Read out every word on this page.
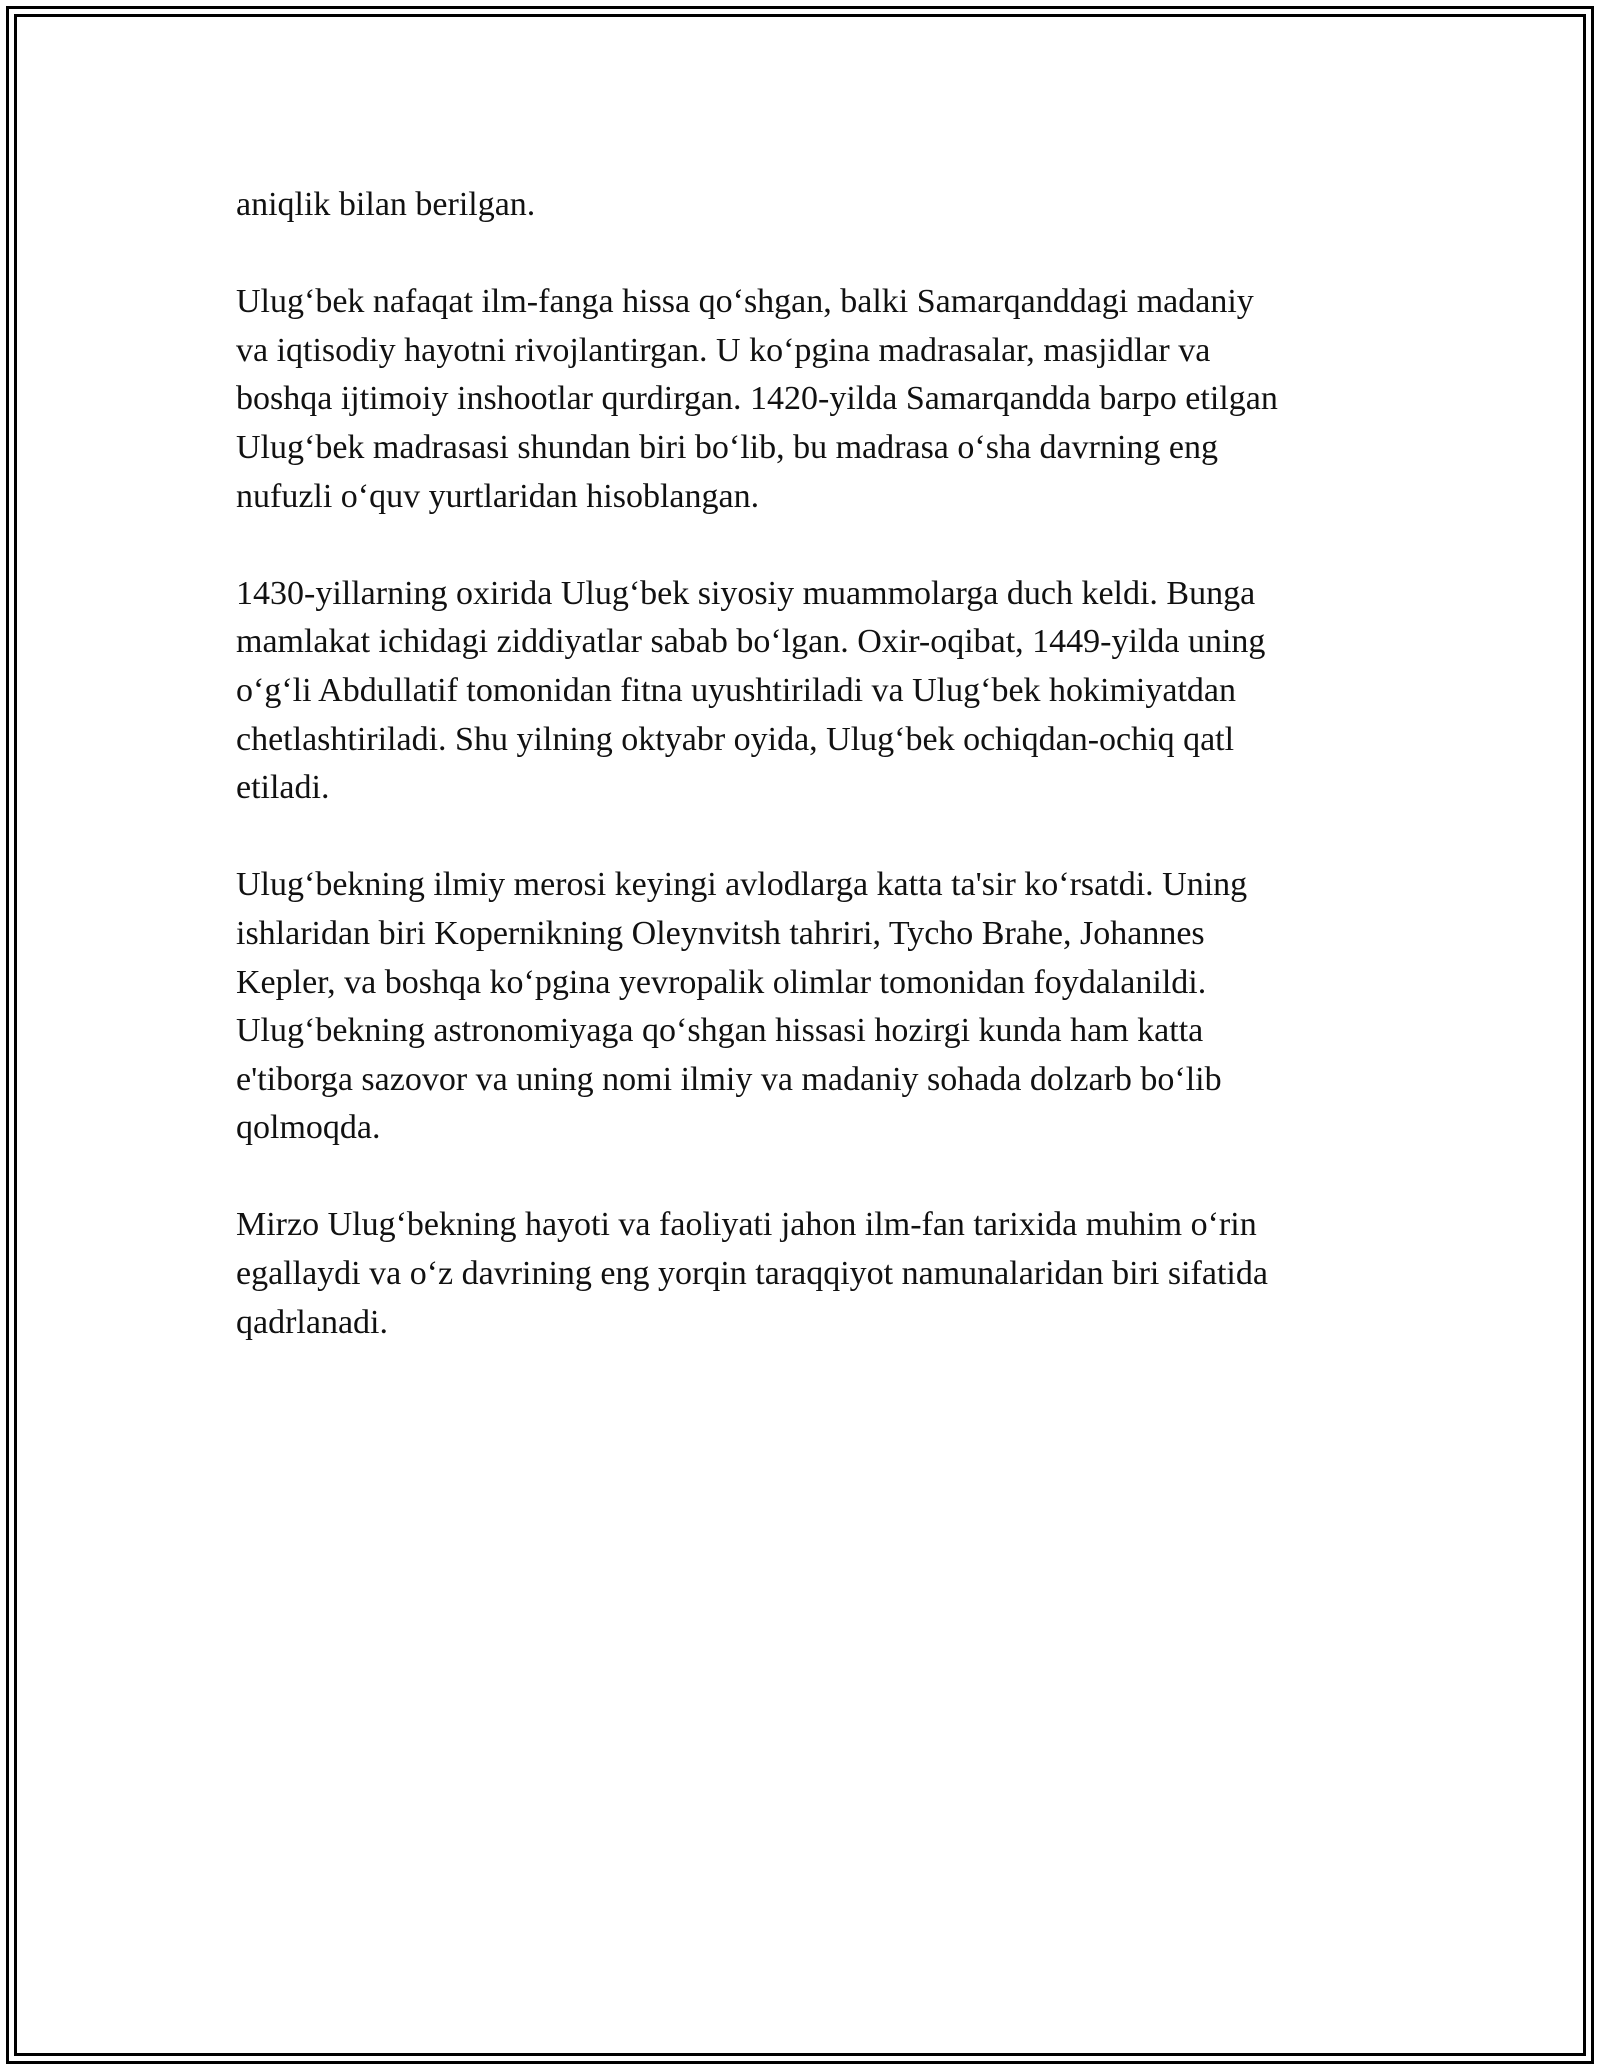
aniqlik bilan berilgan.

Ulug‘bek nafaqat ilm-fanga hissa qo‘shgan, balki Samarqanddagi madaniy
va iqtisodiy hayotni rivojlantirgan. U ko‘pgina madrasalar, masjidlar va
boshqa ijtimoiy inshootlar qurdirgan. 1420-yilda Samarqandda barpo etilgan
Ulug‘bek madrasasi shundan biri bo‘lib, bu madrasa o‘sha davrning eng
nufuzli o‘quv yurtlaridan hisoblangan.

1430-yillarning oxirida Ulug‘bek siyosiy muammolarga duch keldi. Bunga
mamlakat ichidagi ziddiyatlar sabab bo‘lgan. Oxir-oqibat, 1449-yilda uning
o‘g‘li Abdullatif tomonidan fitna uyushtiriladi va Ulug‘bek hokimiyatdan
chetlashtiriladi. Shu yilning oktyabr oyida, Ulug‘bek ochiqdan-ochiq qatl
etiladi.

Ulug‘bekning ilmiy merosi keyingi avlodlarga katta ta'sir ko‘rsatdi. Uning
ishlaridan biri Kopernikning Oleynvitsh tahriri, Tycho Brahe, Johannes
Kepler, va boshqa ko‘pgina yevropalik olimlar tomonidan foydalanildi.
Ulug‘bekning astronomiyaga qo‘shgan hissasi hozirgi kunda ham katta
e'tiborga sazovor va uning nomi ilmiy va madaniy sohada dolzarb bo‘lib
qolmoqda.

Mirzo Ulug‘bekning hayoti va faoliyati jahon ilm-fan tarixida muhim o‘rin
egallaydi va o‘z davrining eng yorqin taraqqiyot namunalaridan biri sifatida
qadrlanadi.
